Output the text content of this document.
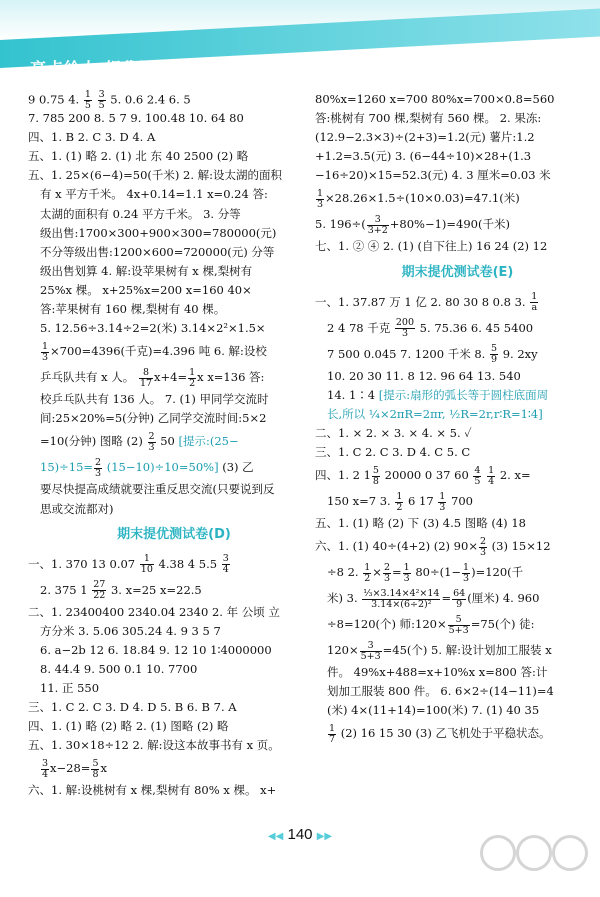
亮点给力·提优课时作业本
9 0.75 4. $\frac{1}{5}$
$\frac{3}{5} 5$. 0.6 2.4 6. 5
7. 785 200 8. 5 7 9. 100.48 10. 64 80
四、1. B 2. C 3. D 4. A
五、1. (1) 略 2. (1) 北 东 40 2500 (2) 略
五、1. 25×(6−4)=50(千米) 2. 解:设太湖的面积
有 x 平方千米。 4x+0.14=1.1 x=0.24 答:
太湖的面积有 0.24 平方千米。 3. 分等
级出售:1700×300+900×300=780000(元)
不分等级出售:1200×600=720000(元) 分等
级出售划算 4. 解:设苹果树有 x 棵,梨树有
25%x 棵。 x+25%x=200 x=160 40×
答:苹果树有 160 棵,梨树有 40 棵。
5. 12.56÷3.14÷2=2(米) 3.14×2²×1.5×
$\frac{1}{3} \times 700=4396$(千克)=4.396 吨 6. 解:设校
乒乓队共有 x 人。 $\frac{8}{17} x+4= \frac{1}{2}$ x x=136 答:
校乒乓队共有 136 人。 7. (1) 甲同学交流时
间:25×20%=5(分钟) 乙同学交流时间:5×2
=10(分钟) 图略 $(2) \frac{2}{3} 50$ [提示:(25−
$15)\div 15= \frac{2}{3} (15-10)\div 10=50\%$] (3) 乙
要尽快提高成绩就要注重反思交流(只要说到反
思或交流都对)
期末提优测试卷(D)
一、1. 370 13 $0.07 \frac{1}{10} 4.38$ 4 $5.5 \frac{3}{4}$
2. 375 $1 \frac{27}{22} 3$. x=25 x=22.5
二、1. 23400400 2340.04 2340 2. 年 公顷 立
方分米 3. 5.06 305.24 4. 9 3 5 7
6. a−2b 12 6. 18.84 9. 12 10 1∶4000000
8. 44.4 9. 500 0.1 10. 7700
11. 正 550
三、1. C 2. C 3. D 4. D 5. B 6. B 7. A
四、1. (1) 略 (2) 略 2. (1) 图略 (2) 略
五、1. 30×18÷12 2. 解:设这本故事书有 x 页。
$\frac{3}{4} x-28= \frac{5}{8}$ x
六、1. 解:设桃树有 x 棵,梨树有 80% x 棵。 x+
80%x=1260 x=700 80%x=700×0.8=560
答:桃树有 700 棵,梨树有 560 棵。 2. 果冻:
(12.9−2.3×3)÷(2+3)=1.2(元) 薯片:1.2
+1.2=3.5(元) 3. (6−44÷10)×28+(1.3
−16÷20)×15=52.3(元) 4. 3 厘米=0.03 米
$\frac{1}{3} \times 28.26\times 1.5\div(10\times 0.03)=47.1$(米)
5. $196\div( \frac{3}{3+2} +80\%-1)=490$(千米)
七、1. ② ④ 2. (1) (自下往上) 16 24 (2) 12
期末提优测试卷(E)
一、1. 37.87 万 1 亿 2. 80 30 8 0.8 3. $\frac{1}{a}$
2 4 78 千克 $\frac{200}{3} 5$. 75.36 6. 45 5400
7 500 0.045 7. 1200 千米 8. $\frac{5}{9} 9$. 2xy
10. 20 30 11. 8 12. 96 64 13. 540
14. 1∶4 [提示:扇形的弧长等于圆柱底面周
长,所以 ¼×2πR=2πr, ½R=2r,r∶R=1∶4]
二、1. × 2. × 3. × 4. × 5. ✓
三、1. C 2. C 3. D 4. C 5. C
四、1. 2 $1 \frac{5}{8} 20000$ 0 37 $60 \frac{4}{5}$
$\frac{1}{4} 2$. x=
150 x=7 3. $\frac{1}{2} 6$ $17 \frac{1}{3} 700$
五、1. (1) 略 (2) 下 (3) 4.5 图略 (4) 18
六、1. (1) 40÷(4+2) (2) $90\times \frac{2}{3} (3)$ 15×12
÷8 2. $\frac{1}{2} \times \frac{2}{3} = \frac{1}{3} 80\div(1- \frac{1}{3} )=120$(千
米) 3. $\frac{\text{⅓×3.14×4²×14}}{\text{3.14×(6÷2)²}} = \frac{64}{9}$ (厘米) 4. 960
÷8=120(个) 师:120× $\frac{5}{5+3} =75$(个) 徒:
$120\times \frac{3}{5+3} =45$(个) 5. 解:设计划加工服装 x
件。 49%x+488=x+10%x x=800 答:计
划加工服装 800 件。 6. 6×2÷(14−11)=4
(米) 4×(11+14)=100(米) 7. (1) 40 35
$\frac{1}{7} (2)$ 16 15 30 (3) 乙飞机处于平稳状态。
◀◀ 140 ▶▶
